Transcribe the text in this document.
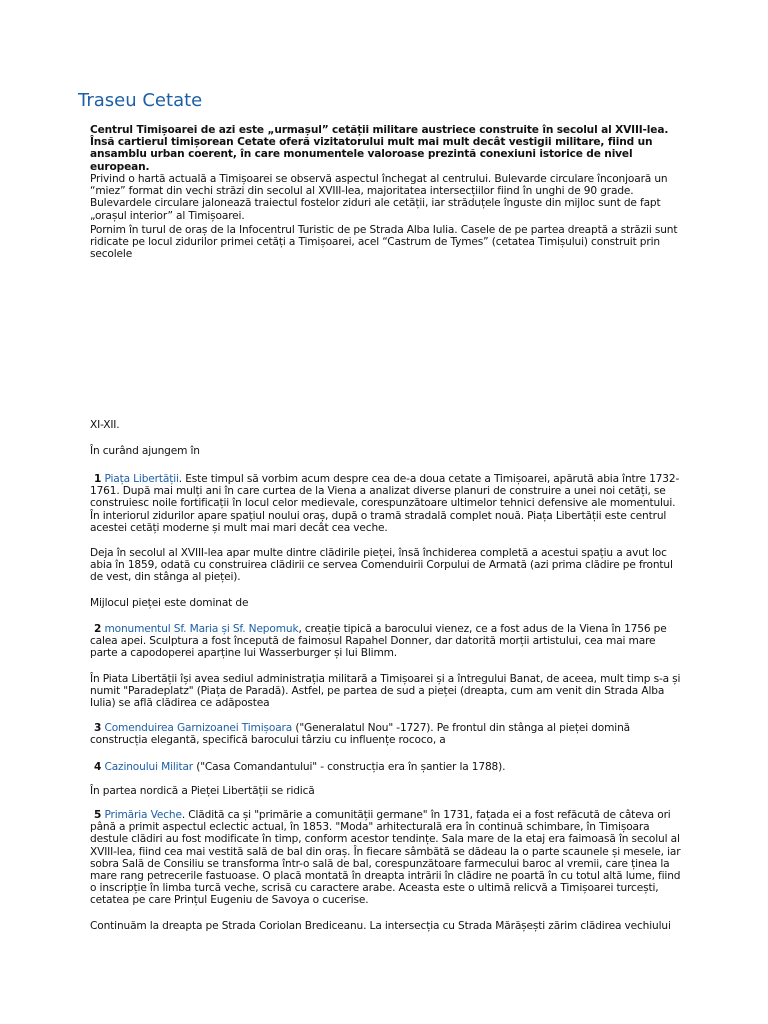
Traseu Cetate
Centrul Timișoarei de azi este „urmașul” cetății militare austriece construite în secolul al XVIII-lea. Însă cartierul timișorean Cetate oferă vizitatorului mult mai mult decât vestigii militare, fiind un ansamblu urban coerent, în care monumentele valoroase prezintă conexiuni istorice de nivel european.
Privind o hartă actuală a Timișoarei se observă aspectul închegat al centrului. Bulevarde circulare înconjoară un “miez” format din vechi străzi din secolul al XVIII-lea, majoritatea intersecțiilor fiind în unghi de 90 grade. Bulevardele circulare jalonează traiectul fostelor ziduri ale cetății, iar străduțele înguste din mijloc sunt de fapt „orașul interior” al Timișoarei.
Pornim în turul de oraș de la Infocentrul Turistic de pe Strada Alba Iulia. Casele de pe partea dreaptă a străzii sunt ridicate pe locul zidurilor primei cetăți a Timișoarei, acel “Castrum de Tymes” (cetatea Timișului) construit prin secolele
XI-XII.
În curând ajungem în
1 Piața Libertății. Este timpul să vorbim acum despre cea de-a doua cetate a Timișoarei, apărută abia între 1732-1761. După mai mulți ani în care curtea de la Viena a analizat diverse planuri de construire a unei noi cetăți, se construiesc noile fortificații în locul celor medievale, corespunzătoare ultimelor tehnici defensive ale momentului. În interiorul zidurilor apare spațiul noului oraș, după o tramă stradală complet nouă. Piața Libertății este centrul acestei cetăți moderne și mult mai mari decât cea veche.
Deja în secolul al XVIII-lea apar multe dintre clădirile pieței, însă închiderea completă a acestui spațiu a avut loc abia în 1859, odată cu construirea clădirii ce servea Comenduirii Corpului de Armată (azi prima clădire pe frontul de vest, din stânga al pieței).
Mijlocul pieței este dominat de
2 monumentul Sf. Maria și Sf. Nepomuk, creație tipică a barocului vienez, ce a fost adus de la Viena în 1756 pe calea apei. Sculptura a fost începută de faimosul Rapahel Donner, dar datorită morții artistului, cea mai mare parte a capodoperei aparține lui Wasserburger și lui Blimm.
În Piata Libertății își avea sediul administrația militară a Timișoarei și a întregului Banat, de aceea, mult timp s-a și numit "Paradeplatz" (Piața de Paradă). Astfel, pe partea de sud a pieței (dreapta, cum am venit din Strada Alba Iulia) se află clădirea ce adăpostea
3 Comenduirea Garnizoanei Timișoara ("Generalatul Nou" -1727). Pe frontul din stânga al pieței domină construcția elegantă, specifică barocului târziu cu influențe rococo, a
4 Cazinoului Militar ("Casa Comandantului" - construcția era în șantier la 1788).
În partea nordică a Pieței Libertății se ridică
5 Primăria Veche. Clădită ca și "primărie a comunității germane" în 1731, fațada ei a fost refăcută de câteva ori până a primit aspectul eclectic actual, în 1853. "Moda" arhitecturală era în continuă schimbare, în Timișoara destule clădiri au fost modificate în timp, conform acestor tendințe. Sala mare de la etaj era faimoasă în secolul al XVIII-lea, fiind cea mai vestită sală de bal din oraș. În fiecare sâmbătă se dădeau la o parte scaunele și mesele, iar sobra Sală de Consiliu se transforma într-o sală de bal, corespunzătoare farmecului baroc al vremii, care ținea la mare rang petrecerile fastuoase. O placă montată în dreapta intrării în clădire ne poartă în cu totul altă lume, fiind o inscripție în limba turcă veche, scrisă cu caractere arabe. Aceasta este o ultimă relicvă a Timișoarei turcești, cetatea pe care Prințul Eugeniu de Savoya o cucerise.
Continuăm la dreapta pe Strada Coriolan Brediceanu. La intersecția cu Strada Mărășești zărim clădirea vechiului
